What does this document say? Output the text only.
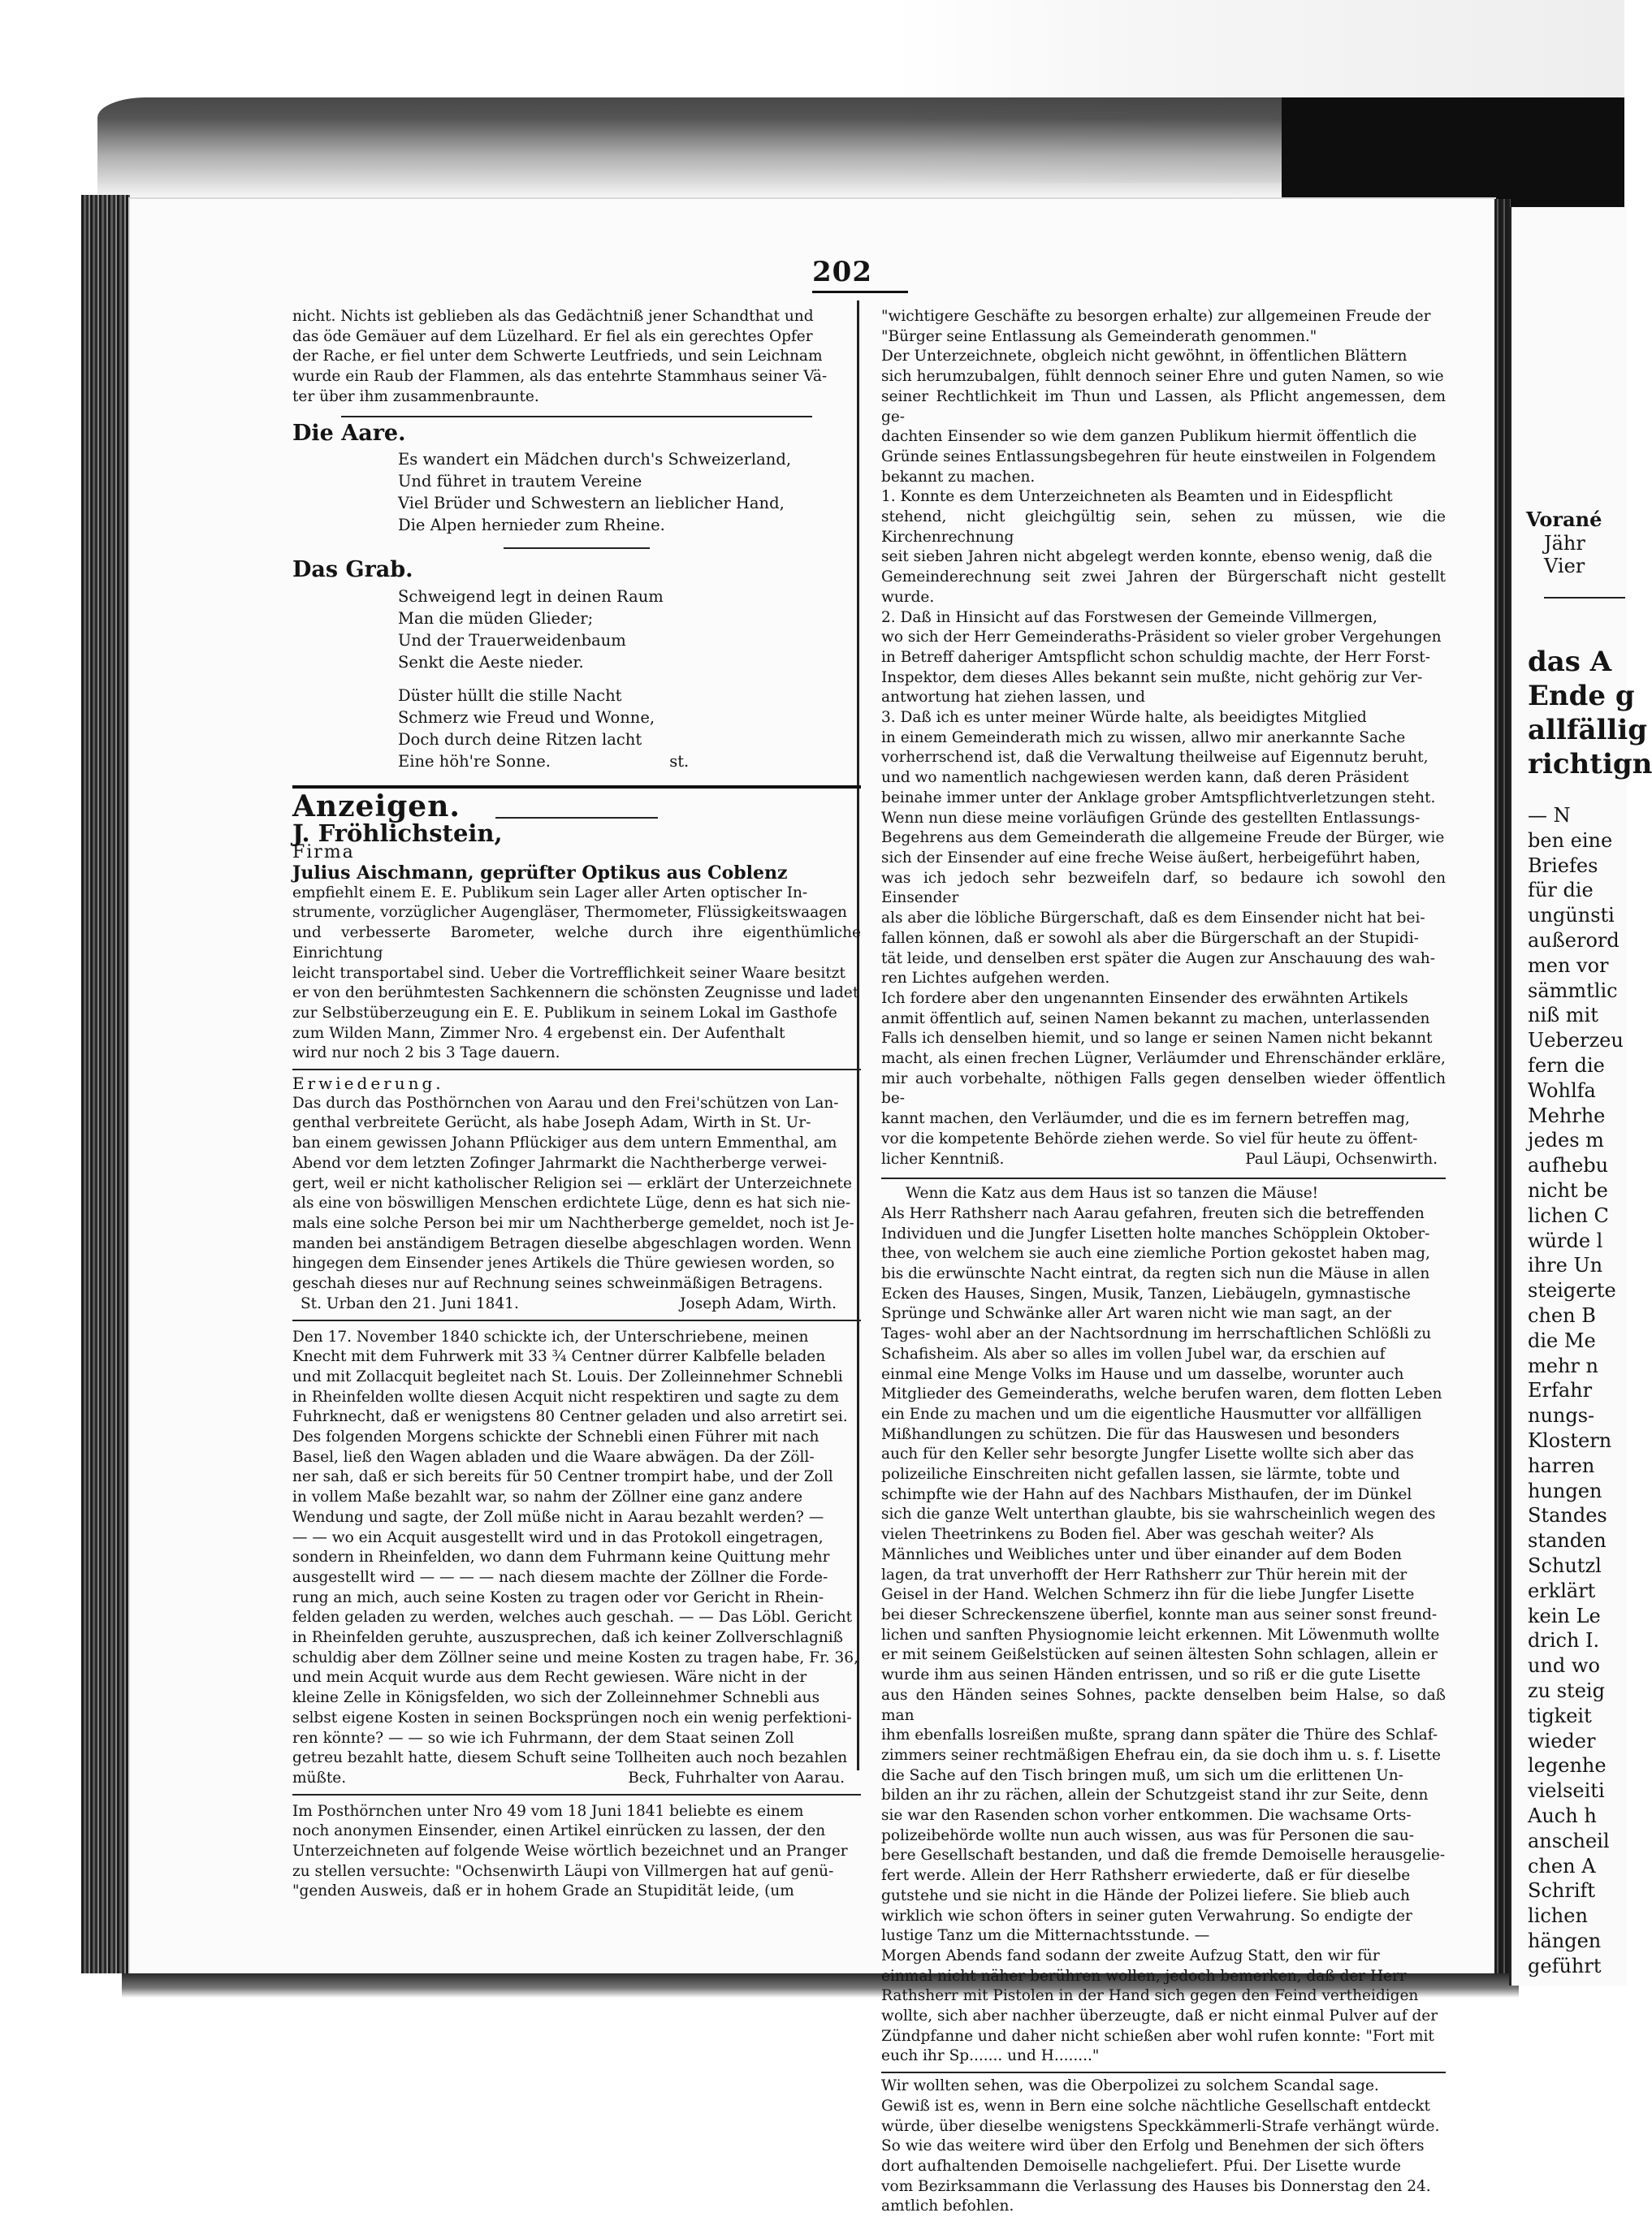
Vorané
Jähr
Vier
das A
Ende g
allfällig
richtign
— N
ben eine
Briefes
für die
ungünsti
außerord
men vor
sämmtlic
niß mit
Ueberzeu
fern die
Wohlfa
Mehrhe
jedes m
aufhebu
nicht be
lichen C
würde l
ihre Un
steigerte
chen B
die Me
mehr n
Erfahr
nungs-
Klostern
harren
hungen
Standes
standen
Schutzl
erklärt
kein Le
drich I.
und wo
zu steig
tigkeit
wieder
legenhe
vielseiti
Auch h
anscheil
chen A
Schrift
lichen
hängen
geführt
202

nicht. Nichts ist geblieben als das Gedächtniß jener Schandthat und

das öde Gemäuer auf dem Lüzelhard. Er fiel als ein gerechtes Opfer

der Rache, er fiel unter dem Schwerte Leutfrieds, und sein Leichnam

wurde ein Raub der Flammen, als das entehrte Stammhaus seiner Vä-

ter über ihm zusammenbraunte.

Die Aare.

Es wandert ein Mädchen durch's Schweizerland,

Und führet in trautem Vereine

Viel Brüder und Schwestern an lieblicher Hand,

Die Alpen hernieder zum Rheine.

Das Grab.

Schweigend legt in deinen Raum

Man die müden Glieder;

Und der Trauerweidenbaum

Senkt die Aeste nieder.

Düster hüllt die stille Nacht

Schmerz wie Freud und Wonne,

Doch durch deine Ritzen lacht

Eine höh're Sonne.	st.

Anzeigen.

J. Fröhlichstein,

Firma

Julius Aischmann, geprüfter Optikus aus Coblenz

empfiehlt einem E. E. Publikum sein Lager aller Arten optischer In-

strumente, vorzüglicher Augengläser, Thermometer, Flüssigkeitswaagen

und verbesserte Barometer, welche durch ihre eigenthümliche Einrichtung

leicht transportabel sind. Ueber die Vortrefflichkeit seiner Waare besitzt

er von den berühmtesten Sachkennern die schönsten Zeugnisse und ladet

zur Selbstüberzeugung ein E. E. Publikum in seinem Lokal im Gasthofe

zum Wilden Mann, Zimmer Nro. 4 ergebenst ein. Der Aufenthalt

wird nur noch 2 bis 3 Tage dauern.

Erwiederung.

Das durch das Posthörnchen von Aarau und den Frei'schützen von Lan-

genthal verbreitete Gerücht, als habe Joseph Adam, Wirth in St. Ur-

ban einem gewissen Johann Pflückiger aus dem untern Emmenthal, am

Abend vor dem letzten Zofinger Jahrmarkt die Nachtherberge verwei-

gert, weil er nicht katholischer Religion sei — erklärt der Unterzeichnete

als eine von böswilligen Menschen erdichtete Lüge, denn es hat sich nie-

mals eine solche Person bei mir um Nachtherberge gemeldet, noch ist Je-

manden bei anständigem Betragen dieselbe abgeschlagen worden. Wenn

hingegen dem Einsender jenes Artikels die Thüre gewiesen worden, so

geschah dieses nur auf Rechnung seines schweinmäßigen Betragens.

St. Urban den 21. Juni 1841.	Joseph Adam, Wirth.

Den 17. November 1840 schickte ich, der Unterschriebene, meinen

Knecht mit dem Fuhrwerk mit 33 ¾ Centner dürrer Kalbfelle beladen

und mit Zollacquit begleitet nach St. Louis. Der Zolleinnehmer Schnebli

in Rheinfelden wollte diesen Acquit nicht respektiren und sagte zu dem

Fuhrknecht, daß er wenigstens 80 Centner geladen und also arretirt sei.

Des folgenden Morgens schickte der Schnebli einen Führer mit nach

Basel, ließ den Wagen abladen und die Waare abwägen. Da der Zöll-

ner sah, daß er sich bereits für 50 Centner trompirt habe, und der Zoll

in vollem Maße bezahlt war, so nahm der Zöllner eine ganz andere

Wendung und sagte, der Zoll müße nicht in Aarau bezahlt werden? —

— — wo ein Acquit ausgestellt wird und in das Protokoll eingetragen,

sondern in Rheinfelden, wo dann dem Fuhrmann keine Quittung mehr

ausgestellt wird — — — — nach diesem machte der Zöllner die Forde-

rung an mich, auch seine Kosten zu tragen oder vor Gericht in Rhein-

felden geladen zu werden, welches auch geschah. — — Das Löbl. Gericht

in Rheinfelden geruhte, auszusprechen, daß ich keiner Zollverschlagniß

schuldig aber dem Zöllner seine und meine Kosten zu tragen habe, Fr. 36,

und mein Acquit wurde aus dem Recht gewiesen. Wäre nicht in der

kleine Zelle in Königsfelden, wo sich der Zolleinnehmer Schnebli aus

selbst eigene Kosten in seinen Bocksprüngen noch ein wenig perfektioni-

ren könnte? — — so wie ich Fuhrmann, der dem Staat seinen Zoll

getreu bezahlt hatte, diesem Schuft seine Tollheiten auch noch bezahlen

müßte.	Beck, Fuhrhalter von Aarau.

Im Posthörnchen unter Nro 49 vom 18 Juni 1841 beliebte es einem

noch anonymen Einsender, einen Artikel einrücken zu lassen, der den

Unterzeichneten auf folgende Weise wörtlich bezeichnet und an Pranger

zu stellen versuchte: "Ochsenwirth Läupi von Villmergen hat auf genü-

"genden Ausweis, daß er in hohem Grade an Stupidität leide, (um

"wichtigere Geschäfte zu besorgen erhalte) zur allgemeinen Freude der

"Bürger seine Entlassung als Gemeinderath genommen."

Der Unterzeichnete, obgleich nicht gewöhnt, in öffentlichen Blättern

sich herumzubalgen, fühlt dennoch seiner Ehre und guten Namen, so wie

seiner Rechtlichkeit im Thun und Lassen, als Pflicht angemessen, dem ge-

dachten Einsender so wie dem ganzen Publikum hiermit öffentlich die

Gründe seines Entlassungsbegehren für heute einstweilen in Folgendem

bekannt zu machen.

1. Konnte es dem Unterzeichneten als Beamten und in Eidespflicht

stehend, nicht gleichgültig sein, sehen zu müssen, wie die Kirchenrechnung

seit sieben Jahren nicht abgelegt werden konnte, ebenso wenig, daß die

Gemeinderechnung seit zwei Jahren der Bürgerschaft nicht gestellt wurde.

2. Daß in Hinsicht auf das Forstwesen der Gemeinde Villmergen,

wo sich der Herr Gemeinderaths-Präsident so vieler grober Vergehungen

in Betreff daheriger Amtspflicht schon schuldig machte, der Herr Forst-

Inspektor, dem dieses Alles bekannt sein mußte, nicht gehörig zur Ver-

antwortung hat ziehen lassen, und

3. Daß ich es unter meiner Würde halte, als beeidigtes Mitglied

in einem Gemeinderath mich zu wissen, allwo mir anerkannte Sache

vorherrschend ist, daß die Verwaltung theilweise auf Eigennutz beruht,

und wo namentlich nachgewiesen werden kann, daß deren Präsident

beinahe immer unter der Anklage grober Amtspflichtverletzungen steht.

Wenn nun diese meine vorläufigen Gründe des gestellten Entlassungs-

Begehrens aus dem Gemeinderath die allgemeine Freude der Bürger, wie

sich der Einsender auf eine freche Weise äußert, herbeigeführt haben,

was ich jedoch sehr bezweifeln darf, so bedaure ich sowohl den Einsender

als aber die löbliche Bürgerschaft, daß es dem Einsender nicht hat bei-

fallen können, daß er sowohl als aber die Bürgerschaft an der Stupidi-

tät leide, und denselben erst später die Augen zur Anschauung des wah-

ren Lichtes aufgehen werden.

Ich fordere aber den ungenannten Einsender des erwähnten Artikels

anmit öffentlich auf, seinen Namen bekannt zu machen, unterlassenden

Falls ich denselben hiemit, und so lange er seinen Namen nicht bekannt

macht, als einen frechen Lügner, Verläumder und Ehrenschänder erkläre,

mir auch vorbehalte, nöthigen Falls gegen denselben wieder öffentlich be-

kannt machen, den Verläumder, und die es im fernern betreffen mag,

vor die kompetente Behörde ziehen werde. So viel für heute zu öffent-

licher Kenntniß.	Paul Läupi, Ochsenwirth.

Wenn die Katz aus dem Haus ist so tanzen die Mäuse!

Als Herr Rathsherr nach Aarau gefahren, freuten sich die betreffenden

Individuen und die Jungfer Lisetten holte manches Schöpplein Oktober-

thee, von welchem sie auch eine ziemliche Portion gekostet haben mag,

bis die erwünschte Nacht eintrat, da regten sich nun die Mäuse in allen

Ecken des Hauses, Singen, Musik, Tanzen, Liebäugeln, gymnastische

Sprünge und Schwänke aller Art waren nicht wie man sagt, an der

Tages- wohl aber an der Nachtsordnung im herrschaftlichen Schlößli zu

Schafisheim. Als aber so alles im vollen Jubel war, da erschien auf

einmal eine Menge Volks im Hause und um dasselbe, worunter auch

Mitglieder des Gemeinderaths, welche berufen waren, dem flotten Leben

ein Ende zu machen und um die eigentliche Hausmutter vor allfälligen

Mißhandlungen zu schützen. Die für das Hauswesen und besonders

auch für den Keller sehr besorgte Jungfer Lisette wollte sich aber das

polizeiliche Einschreiten nicht gefallen lassen, sie lärmte, tobte und

schimpfte wie der Hahn auf des Nachbars Misthaufen, der im Dünkel

sich die ganze Welt unterthan glaubte, bis sie wahrscheinlich wegen des

vielen Theetrinkens zu Boden fiel. Aber was geschah weiter? Als

Männliches und Weibliches unter und über einander auf dem Boden

lagen, da trat unverhofft der Herr Rathsherr zur Thür herein mit der

Geisel in der Hand. Welchen Schmerz ihn für die liebe Jungfer Lisette

bei dieser Schreckenszene überfiel, konnte man aus seiner sonst freund-

lichen und sanften Physiognomie leicht erkennen. Mit Löwenmuth wollte

er mit seinem Geißelstücken auf seinen ältesten Sohn schlagen, allein er

wurde ihm aus seinen Händen entrissen, und so riß er die gute Lisette

aus den Händen seines Sohnes, packte denselben beim Halse, so daß man

ihm ebenfalls losreißen mußte, sprang dann später die Thüre des Schlaf-

zimmers seiner rechtmäßigen Ehefrau ein, da sie doch ihm u. s. f. Lisette

die Sache auf den Tisch bringen muß, um sich um die erlittenen Un-

bilden an ihr zu rächen, allein der Schutzgeist stand ihr zur Seite, denn

sie war den Rasenden schon vorher entkommen. Die wachsame Orts-

polizeibehörde wollte nun auch wissen, aus was für Personen die sau-

bere Gesellschaft bestanden, und daß die fremde Demoiselle herausgelie-

fert werde. Allein der Herr Rathsherr erwiederte, daß er für dieselbe

gutstehe und sie nicht in die Hände der Polizei liefere. Sie blieb auch

wirklich wie schon öfters in seiner guten Verwahrung. So endigte der

lustige Tanz um die Mitternachtsstunde. —

Morgen Abends fand sodann der zweite Aufzug Statt, den wir für

einmal nicht näher berühren wollen, jedoch bemerken, daß der Herr

Rathsherr mit Pistolen in der Hand sich gegen den Feind vertheidigen

wollte, sich aber nachher überzeugte, daß er nicht einmal Pulver auf der

Zündpfanne und daher nicht schießen aber wohl rufen konnte: "Fort mit

euch ihr Sp....... und H........"

Wir wollten sehen, was die Oberpolizei zu solchem Scandal sage.

Gewiß ist es, wenn in Bern eine solche nächtliche Gesellschaft entdeckt

würde, über dieselbe wenigstens Speckkämmerli-Strafe verhängt würde.

So wie das weitere wird über den Erfolg und Benehmen der sich öfters

dort aufhaltenden Demoiselle nachgeliefert. Pfui. Der Lisette wurde

vom Bezirksammann die Verlassung des Hauses bis Donnerstag den 24.

amtlich befohlen.
